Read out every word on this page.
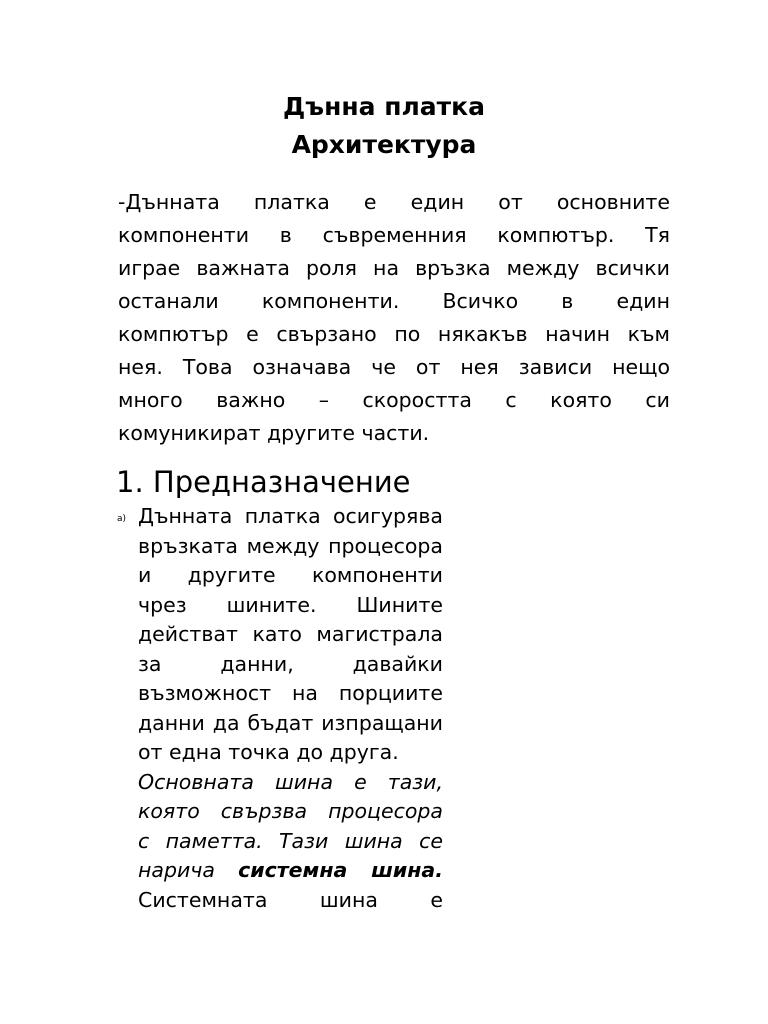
Дънна платка
Архитектура
-Дънната платка е един от основните
компоненти в съвременния компютър. Тя
играе важната роля на връзка между всички
останали компоненти. Всичко в един
компютър е свързано по някакъв начин към
нея. Това означава че от нея зависи нещо
много важно – скоростта с която си
комуникират другите части.
1. Предназначение
a) Дънната платка осигурява
връзката между процесора
и другите компоненти
чрез шините. Шините
действат като магистрала
за данни, давайки
възможност на порциите
данни да бъдат изпращани
от една точка до друга.
Основната шина е тази,
която свързва процесора
с паметта. Тази шина се
нарича системна шина.
Системната шина е
